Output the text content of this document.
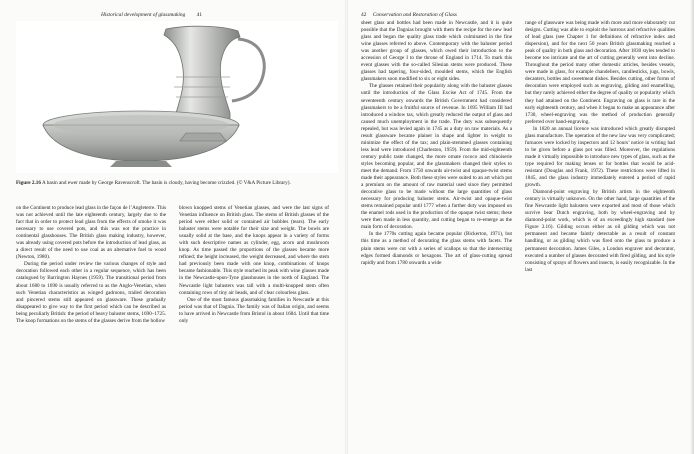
Historical development of glassmaking 41
Figure 2.16 A basin and ewer made by George Ravenscroft. The basin is cloudy, having become crizzled. (© V&A Picture Library).

on the Continent to produce lead glass in the façon de l’Angleterre. This was not achieved until the late eighteenth century, largely due to the fact that in order to protect lead glass from the effects of smoke it was necessary to use covered pots, and this was not the practice in continental glasshouses. The British glass making industry, however, was already using covered pots before the introduction of lead glass, as a direct result of the need to use coal as an alternative fuel to wood (Newton, 1980).

During the period under review the various changes of style and decoration followed each other in a regular sequence, which has been catalogued by Barrington Haynes (1959). The transitional period from about 1680 to 1690 is usually referred to as the Anglo-Venetian, when such Venetian characteristics as winged gadroons, trailed decoration and pincered stems still appeared on glassware. These gradually disappeared to give way to the first period which can be described as being peculiarly British: the period of heavy baluster stems, 1690–1725. The knop formations on the stems of the glasses derive from the hollow

blown knopped stems of Venetian glasses, and were the last signs of Venetian influence on British glass. The stems of British glasses of the period were either solid or contained air bubbles (tears). The early baluster stems were notable for their size and weight. The bowls are usually solid at the base, and the knops appear in a variety of forms with such descriptive names as cylinder, egg, acorn and mushroom knop. As time passed the proportions of the glasses became more refined; the height increased, the weight decreased, and where the stem had previously been made with one knop, combinations of knops became fashionable. This style reached its peak with wine glasses made in the Newcastle-upon-Tyne glasshouses in the north of England. The Newcastle light balusters was tall with a multi-knopped stem often containing rows of tiny air beads, and of clear colourless glass.

One of the most famous glassmaking families in Newcastle at this period was that of Dagnia. The family was of Italian origin, and seems to have arrived in Newcastle from Bristol in about 1684. Until that time only

42 Conservation and Restoration of Glass

sheet glass and bottles had been made in Newcastle, and it is quite possible that the Dagnias brought with them the recipe for the new lead glass and began the quality glass trade which culminated in the fine wine glasses referred to above. Contemporary with the baluster period was another group of glasses, which owed their introduction to the accession of George I to the throne of England in 1714. To mark this event glasses with the so-called Silesian stems were produced. These glasses had tapering, four-sided, moulded stems, which the English glassmakers soon modified to six or eight sides.

The glasses retained their popularity along with the baluster glasses until the introduction of the Glass Excise Act of 1745. From the seventeenth century onwards the British Government had considered glassmakers to be a fruitful source of revenue. In 1695 William III had introduced a window tax, which greatly reduced the output of glass and caused much unemployment in the trade. The duty was subsequently repealed, but was levied again in 1745 as a duty on raw materials. As a result glassware became plainer in shape and lighter in weight to minimize the effect of the tax; and plain-stemmed glasses containing less lead were introduced (Charleston, 1959). From the mid-eighteenth century public taste changed, the more ornate rococo and chinoiserie styles becoming popular, and the glassmakers changed their styles to meet the demand. From 1750 onwards air-twist and opaque-twist stems made their appearance. Both these styles were suited to an art which put a premium on the amount of raw material used since they permitted decorative glass to be made without the large quantities of glass necessary for producing baluster stems. Air-twist and opaque-twist stems remained popular until 1777 when a further duty was imposed on the enamel rods used in the production of the opaque twist stems; these were then made in less quantity, and cutting began to re-emerge as the main form of decoration.

In the 1770s cutting again became popular (Bickerton, 1971), but this time as a method of decorating the glass stems with facets. The plain stems were cut with a series of scallops so that the intersecting edges formed diamonds or hexagons. The art of glass-cutting spread rapidly and from 1780 onwards a wide

range of glassware was being made with more and more elaborately cut designs. Cutting was able to exploit the lustrous and refractive qualities of lead glass (see Chapter 1 for definitions of refractive index and dispersion), and for the next 50 years British glassmaking reached a peak of quality in both glass and decoration. After 1830 styles tended to become too intricate and the art of cutting generally went into decline. Throughout the period many other domestic articles, besides vessels, were made in glass, for example chandeliers, candlesticks, jugs, bowls, decanters, bottles and sweetmeat dishes. Besides cutting, other forms of decoration were employed such as engraving, gilding and enamelling, but they rarely achieved either the degree of quality or popularity which they had attained on the Continent. Engraving on glass is rare in the early eighteenth century, and when it began to make an appearance after 1730, wheel-engraving was the method of production generally preferred over hand-engraving.

In 1820 an annual licence was introduced which greatly disrupted glass manufacture. The operation of the new law was very complicated; furnaces were locked by inspectors and 12 hours’ notice in writing had to be given before a glass pot was filled. Moreover, the regulations made it virtually impossible to introduce new types of glass, such as the type required for making lenses or for bottles that would be acid-resistant (Douglas and Frank, 1972). These restrictions were lifted in 1845, and the glass industry immediately entered a period of rapid growth.

Diamond-point engraving by British artists in the eighteenth century is virtually unknown. On the other hand, large quantities of the fine Newcastle light balusters were exported and most of those which survive bear Dutch engraving, both by wheel-engraving and by diamond-point work, which is of an exceedingly high standard (see Figure 3.16). Gilding occurs either as oil gilding which was not permanent and became faintly detectable as a result of constant handling, or as gilding which was fired onto the glass to produce a permanent decoration. James Giles, a London engraver and decorator, executed a number of glasses decorated with fired gilding, and his style consisting of sprays of flowers and insects, is easily recognizable. In the last
